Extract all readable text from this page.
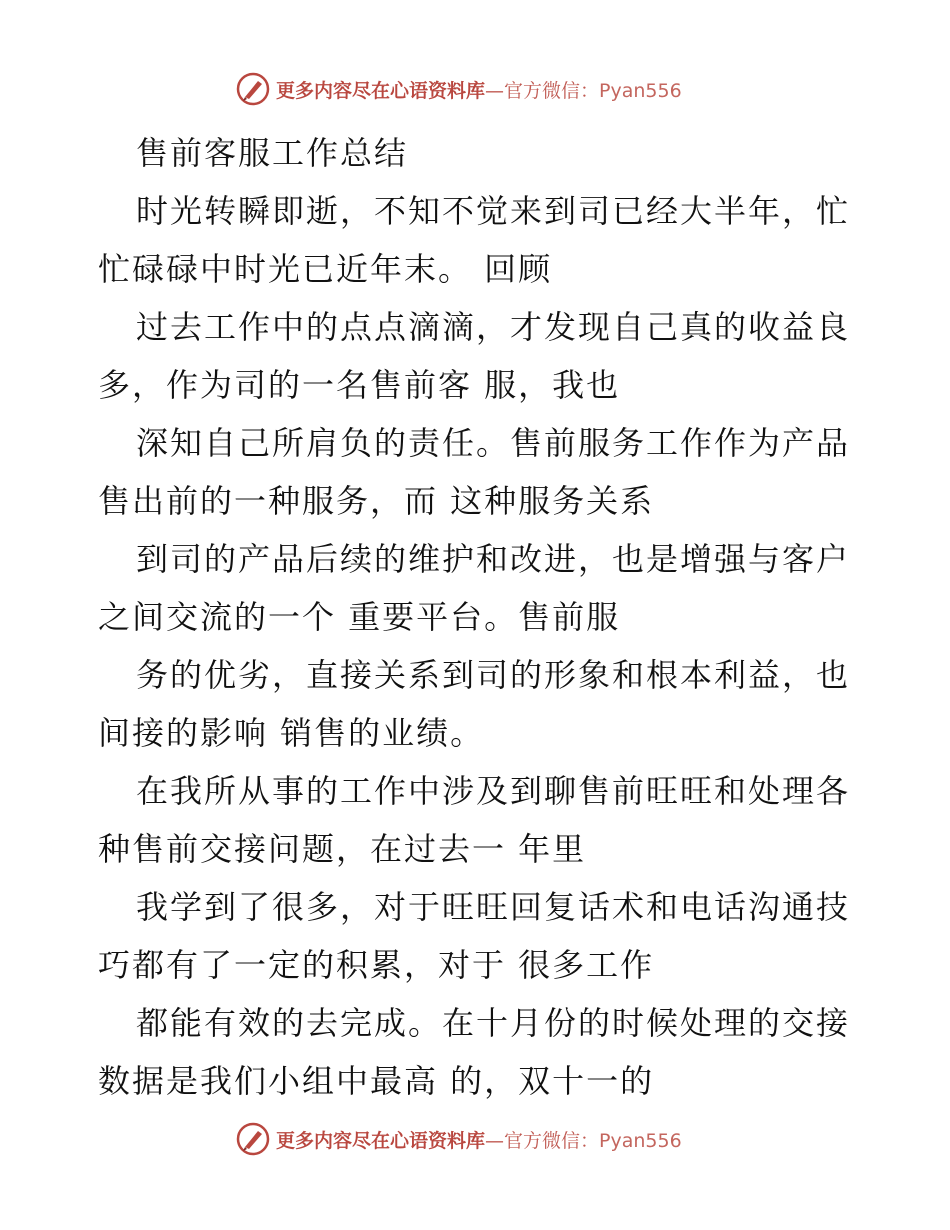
更多内容尽在心语资料库—官方微信：Pyan556
售前客服工作总结
时光转瞬即逝，不知不觉来到司已经大半年，忙
忙碌碌中时光已近年末。 回顾
过去工作中的点点滴滴，才发现自己真的收益良
多，作为司的一名售前客 服，我也
深知自己所肩负的责任。售前服务工作作为产品
售出前的一种服务，而 这种服务关系
到司的产品后续的维护和改进，也是增强与客户
之间交流的一个 重要平台。售前服
务的优劣，直接关系到司的形象和根本利益，也
间接的影响 销售的业绩。
在我所从事的工作中涉及到聊售前旺旺和处理各
种售前交接问题，在过去一 年里
我学到了很多，对于旺旺回复话术和电话沟通技
巧都有了一定的积累，对于 很多工作
都能有效的去完成。在十月份的时候处理的交接
数据是我们小组中最高 的，双十一的
更多内容尽在心语资料库—官方微信：Pyan556
